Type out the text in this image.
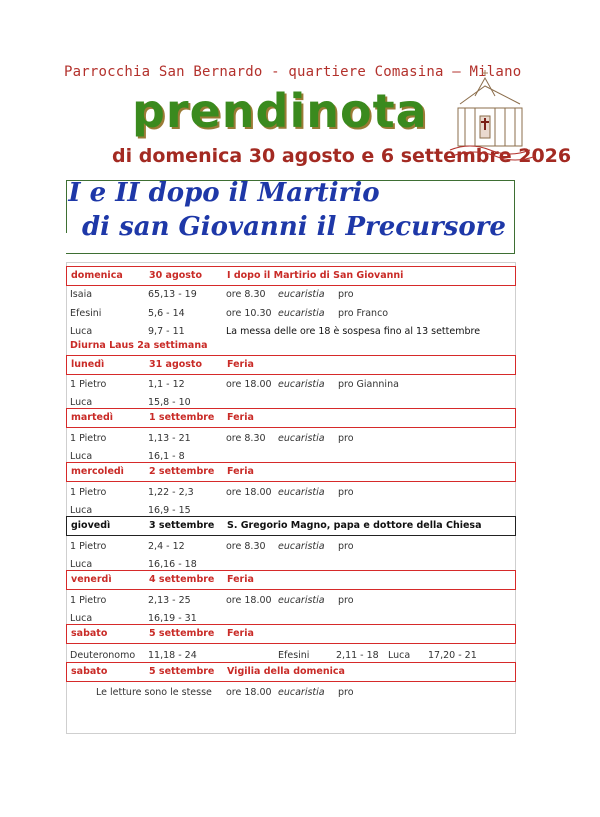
Parrocchia San Bernardo - quartiere Comasina – Milano
prendinota
di domenica 30 agosto e 6 settembre 2026
I e II dopo il Martirio
di san Giovanni il Precursore
domenica	30 agosto	I dopo il Martirio di San Giovanni
Isaia	65,13 - 19	ore 8.30 eucaristia pro
Efesini	5,6 - 14	ore 10.30 eucaristia pro Franco
Luca	9,7 - 11	La messa delle ore 18 è sospesa fino al 13 settembre
Diurna Laus 2a settimana
lunedì	31 agosto	Feria
1 Pietro	1,1 - 12	ore 18.00 eucaristia pro Giannina
Luca	15,8 - 10
martedì	1 settembre Feria
1 Pietro	1,13 - 21	ore 8.30 eucaristia pro
Luca	16,1 - 8
mercoledì	2 settembre Feria
1 Pietro	1,22 - 2,3	ore 18.00 eucaristia pro
Luca	16,9 - 15
giovedì	3 settembre S. Gregorio Magno, papa e dottore della Chiesa
1 Pietro	2,4 - 12	ore 8.30 eucaristia pro
Luca	16,16 - 18
venerdì	4 settembre Feria
1 Pietro	2,13 - 25	ore 18.00 eucaristia pro
Luca	16,19 - 31
sabato	5 settembre Feria
Deuteronomo 11,18 - 24	Efesini	2,11 - 18 Luca 17,20 - 21
sabato	5 settembre Vigilia della domenica
Le letture sono le stesse ore 18.00 eucaristia pro
